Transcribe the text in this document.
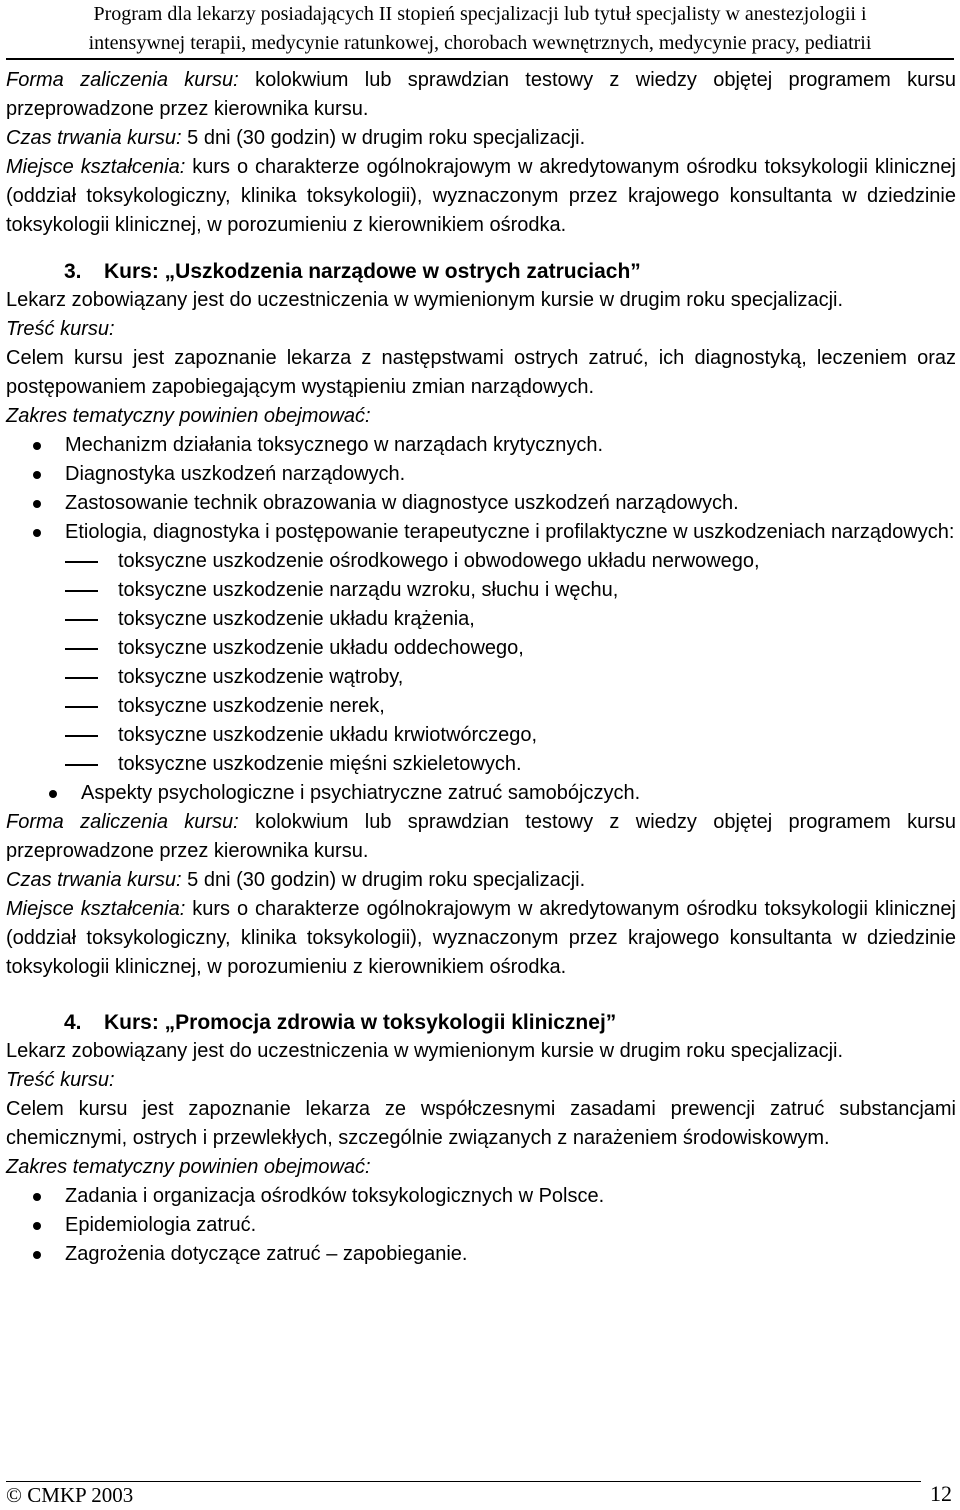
Program dla lekarzy posiadających II stopień specjalizacji lub tytuł specjalisty w anestezjologii i
intensywnej terapii, medycynie ratunkowej, chorobach wewnętrznych, medycynie pracy, pediatrii

Forma zaliczenia kursu: kolokwium lub sprawdzian testowy z wiedzy objętej programem kursu przeprowadzone przez kierownika kursu.

Czas trwania kursu: 5 dni (30 godzin) w drugim roku specjalizacji.

Miejsce kształcenia: kurs o charakterze ogólnokrajowym w akredytowanym ośrodku toksykologii klinicznej (oddział toksykologiczny, klinika toksykologii), wyznaczonym przez krajowego konsultanta w dziedzinie toksykologii klinicznej, w porozumieniu z kierownikiem ośrodka.

3. Kurs: „Uszkodzenia narządowe w ostrych zatruciach”

Lekarz zobowiązany jest do uczestniczenia w wymienionym kursie w drugim roku specjalizacji.

Treść kursu:

Celem kursu jest zapoznanie lekarza z następstwami ostrych zatruć, ich diagnostyką, leczeniem oraz postępowaniem zapobiegającym wystąpieniu zmian narządowych.

Zakres tematyczny powinien obejmować:

Mechanizm działania toksycznego w narządach krytycznych.
Diagnostyka uszkodzeń narządowych.
Zastosowanie technik obrazowania w diagnostyce uszkodzeń narządowych.
Etiologia, diagnostyka i postępowanie terapeutyczne i profilaktyczne w uszkodzeniach narządowych:
toksyczne uszkodzenie ośrodkowego i obwodowego układu nerwowego,
toksyczne uszkodzenie narządu wzroku, słuchu i węchu,
toksyczne uszkodzenie układu krążenia,
toksyczne uszkodzenie układu oddechowego,
toksyczne uszkodzenie wątroby,
toksyczne uszkodzenie nerek,
toksyczne uszkodzenie układu krwiotwórczego,
toksyczne uszkodzenie mięśni szkieletowych.
Aspekty psychologiczne i psychiatryczne zatruć samobójczych.

Forma zaliczenia kursu: kolokwium lub sprawdzian testowy z wiedzy objętej programem kursu przeprowadzone przez kierownika kursu.

Czas trwania kursu: 5 dni (30 godzin) w drugim roku specjalizacji.

Miejsce kształcenia: kurs o charakterze ogólnokrajowym w akredytowanym ośrodku toksykologii klinicznej (oddział toksykologiczny, klinika toksykologii), wyznaczonym przez krajowego konsultanta w dziedzinie toksykologii klinicznej, w porozumieniu z kierownikiem ośrodka.

4. Kurs: „Promocja zdrowia w toksykologii klinicznej”

Lekarz zobowiązany jest do uczestniczenia w wymienionym kursie w drugim roku specjalizacji.

Treść kursu:

Celem kursu jest zapoznanie lekarza ze współczesnymi zasadami prewencji zatruć substancjami chemicznymi, ostrych i przewlekłych, szczególnie związanych z narażeniem środowiskowym.

Zakres tematyczny powinien obejmować:

Zadania i organizacja ośrodków toksykologicznych w Polsce.
Epidemiologia zatruć.
Zagrożenia dotyczące zatruć – zapobieganie.
© CMKP 2003	12
